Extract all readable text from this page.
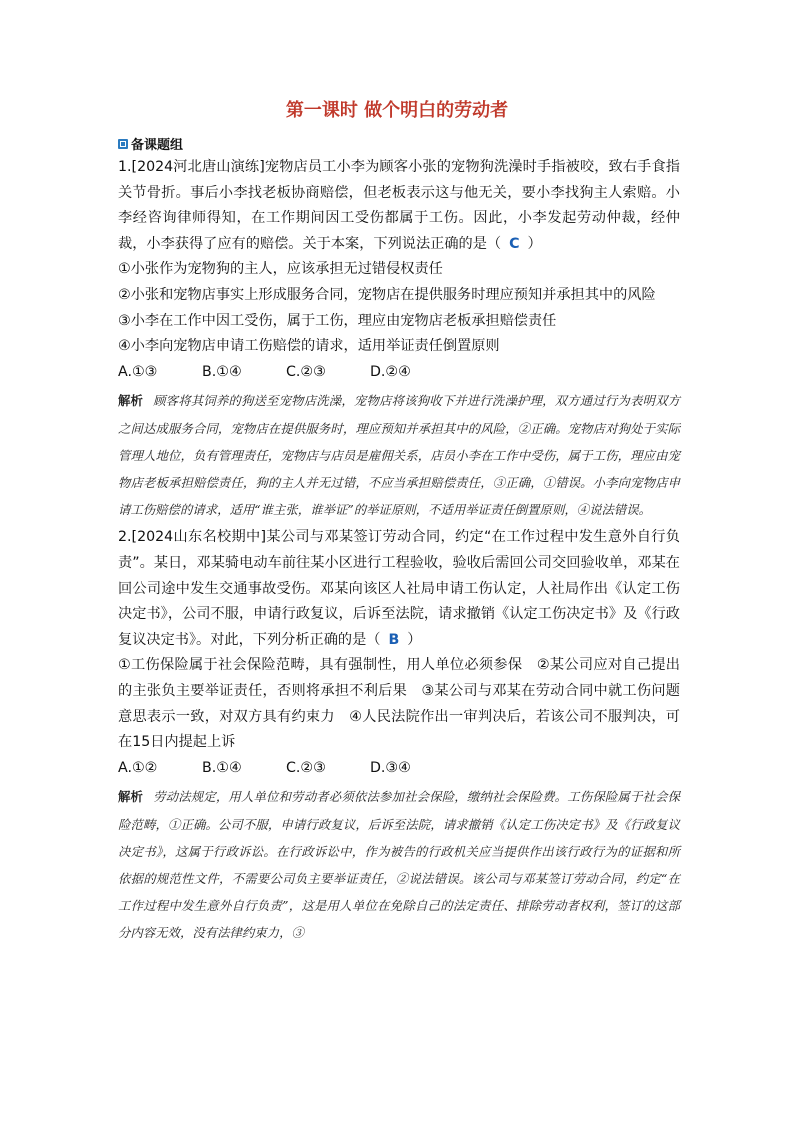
第一课时 做个明白的劳动者
备课题组

1.[2024河北唐山演练]宠物店员工小李为顾客小张的宠物狗洗澡时手指被咬，致右手食指关节骨折。事后小李找老板协商赔偿，但老板表示这与他无关，要小李找狗主人索赔。小李经咨询律师得知，在工作期间因工受伤都属于工伤。因此，小李发起劳动仲裁，经仲裁，小李获得了应有的赔偿。关于本案，下列说法正确的是（ C ）

①小张作为宠物狗的主人，应该承担无过错侵权责任

②小张和宠物店事实上形成服务合同，宠物店在提供服务时理应预知并承担其中的风险

③小李在工作中因工受伤，属于工伤，理应由宠物店老板承担赔偿责任

④小李向宠物店申请工伤赔偿的请求，适用举证责任倒置原则

A.①③	B.①④	C.②③	D.②④

解析 顾客将其饲养的狗送至宠物店洗澡，宠物店将该狗收下并进行洗澡护理，双方通过行为表明双方之间达成服务合同，宠物店在提供服务时，理应预知并承担其中的风险，②正确。宠物店对狗处于实际管理人地位，负有管理责任，宠物店与店员是雇佣关系，店员小李在工作中受伤，属于工伤，理应由宠物店老板承担赔偿责任，狗的主人并无过错，不应当承担赔偿责任，③正确，①错误。小李向宠物店申请工伤赔偿的请求，适用“谁主张，谁举证”的举证原则，不适用举证责任倒置原则，④说法错误。

2.[2024山东名校期中]某公司与邓某签订劳动合同，约定“在工作过程中发生意外自行负责”。某日，邓某骑电动车前往某小区进行工程验收，验收后需回公司交回验收单，邓某在回公司途中发生交通事故受伤。邓某向该区人社局申请工伤认定，人社局作出《认定工伤决定书》，公司不服，申请行政复议，后诉至法院，请求撤销《认定工伤决定书》及《行政复议决定书》。对此，下列分析正确的是（ B ）

①工伤保险属于社会保险范畴，具有强制性，用人单位必须参保　②某公司应对自己提出的主张负主要举证责任，否则将承担不利后果　③某公司与邓某在劳动合同中就工伤问题意思表示一致，对双方具有约束力　④人民法院作出一审判决后，若该公司不服判决，可在15日内提起上诉

A.①②	B.①④	C.②③	D.③④

解析 劳动法规定，用人单位和劳动者必须依法参加社会保险，缴纳社会保险费。工伤保险属于社会保险范畴，①正确。公司不服，申请行政复议，后诉至法院，请求撤销《认定工伤决定书》及《行政复议决定书》，这属于行政诉讼。在行政诉讼中，作为被告的行政机关应当提供作出该行政行为的证据和所依据的规范性文件，不需要公司负主要举证责任，②说法错误。该公司与邓某签订劳动合同，约定“在工作过程中发生意外自行负责”，这是用人单位在免除自己的法定责任、排除劳动者权利，签订的这部分内容无效，没有法律约束力，③
